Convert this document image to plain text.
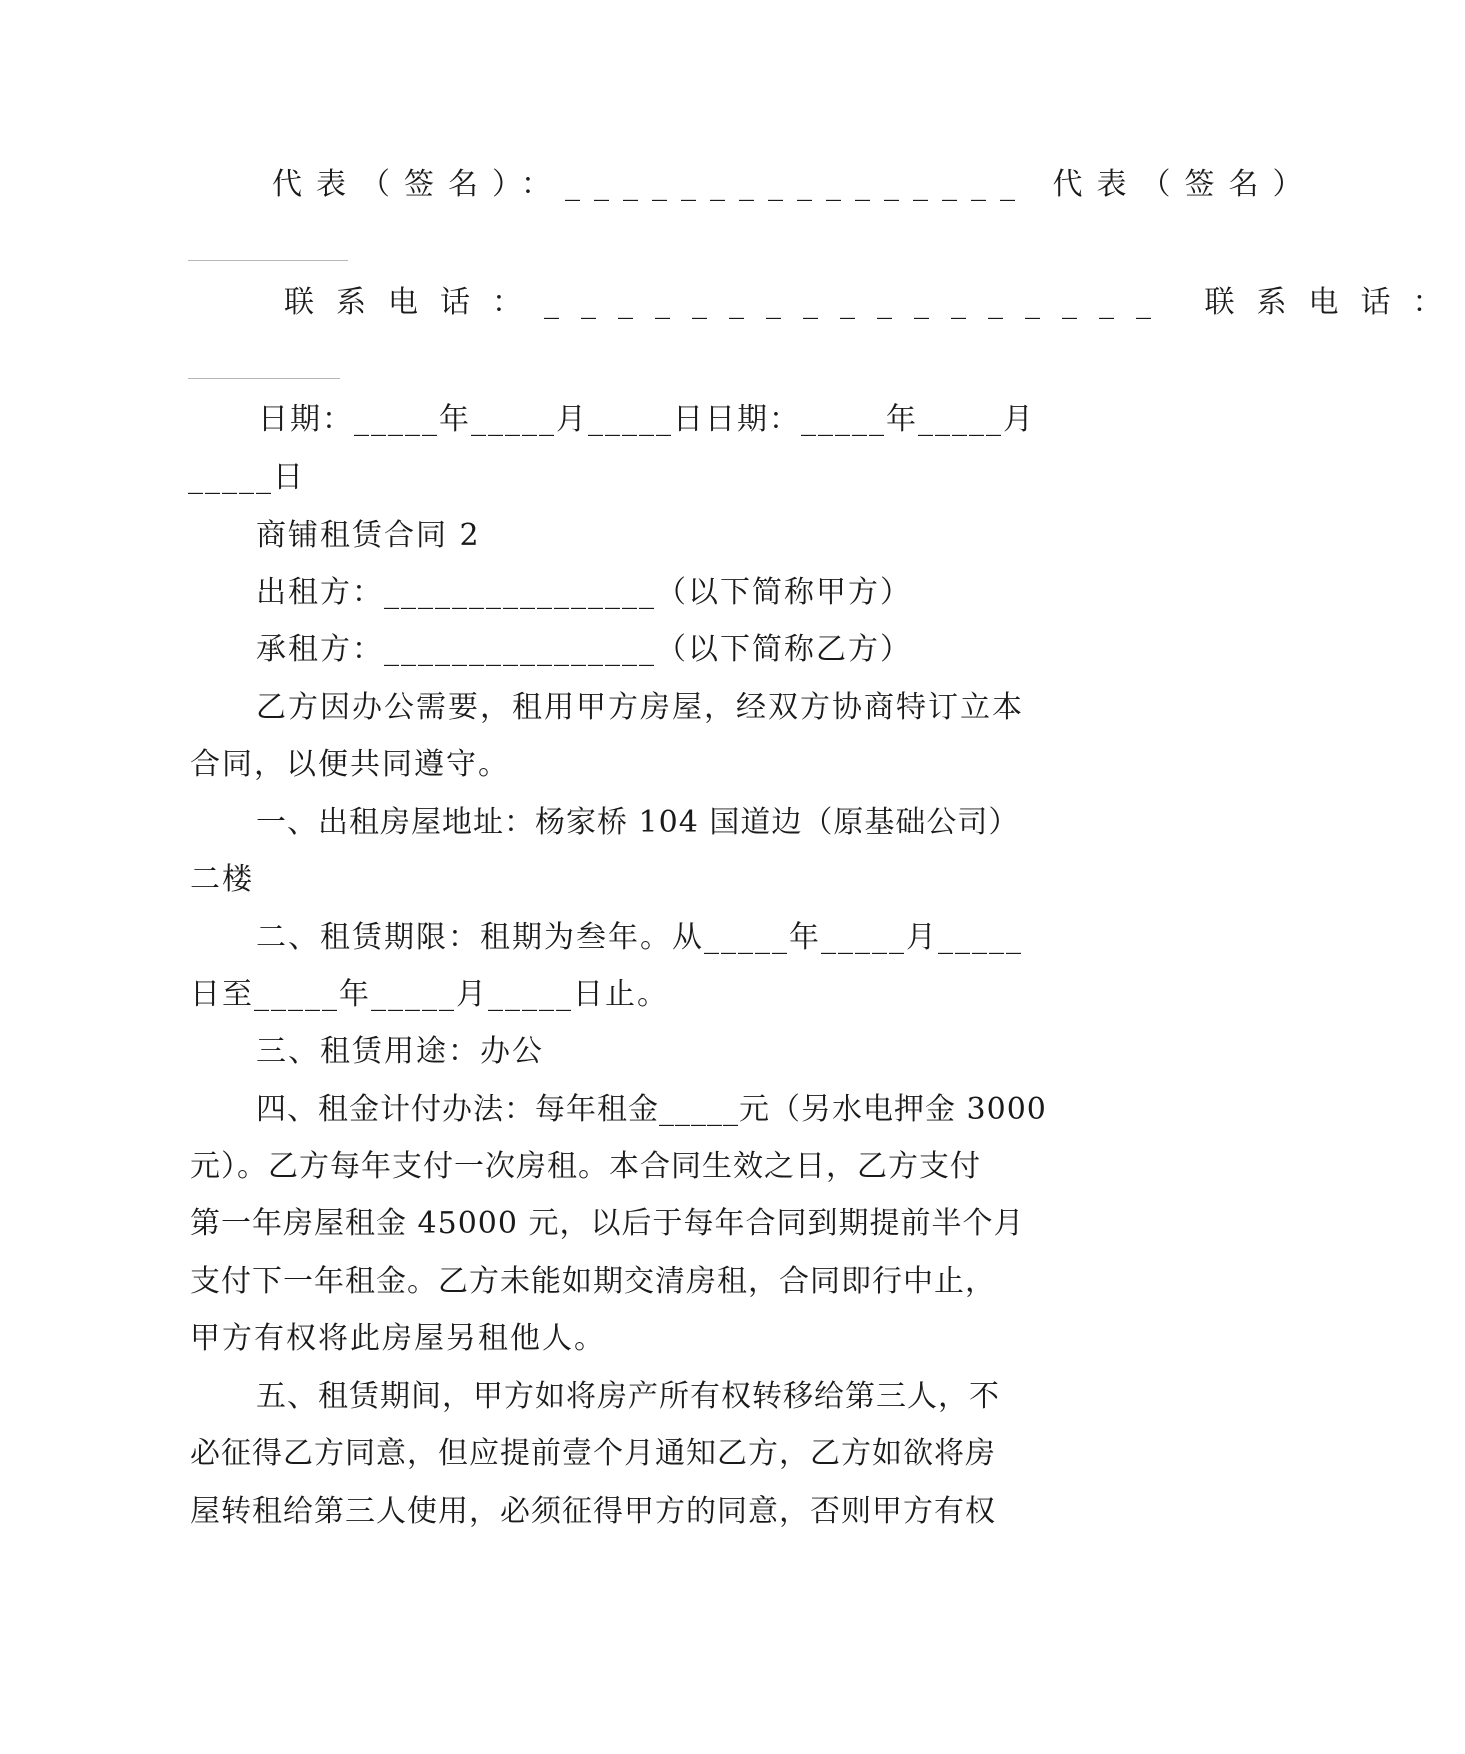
代表（签名）：________________ 代表（签名）
____________________
联系电话：_________________ 联系电话：
___________________
日期：_____年_____月_____日日期：_____年_____月
_____日
商铺租赁合同 2
出租方：________________（以下简称甲方）
承租方：________________（以下简称乙方）
乙方因办公需要，租用甲方房屋，经双方协商特订立本
合同，以便共同遵守。
一、出租房屋地址：杨家桥 104 国道边（原基础公司）
二楼
二、租赁期限：租期为叁年。从_____年_____月_____
日至_____年_____月_____日止。
三、租赁用途：办公
四、租金计付办法：每年租金_____元（另水电押金 3000
元）。乙方每年支付一次房租。本合同生效之日，乙方支付
第一年房屋租金 45000 元，以后于每年合同到期提前半个月
支付下一年租金。乙方未能如期交清房租，合同即行中止，
甲方有权将此房屋另租他人。
五、租赁期间，甲方如将房产所有权转移给第三人，不
必征得乙方同意，但应提前壹个月通知乙方，乙方如欲将房
屋转租给第三人使用，必须征得甲方的同意，否则甲方有权
